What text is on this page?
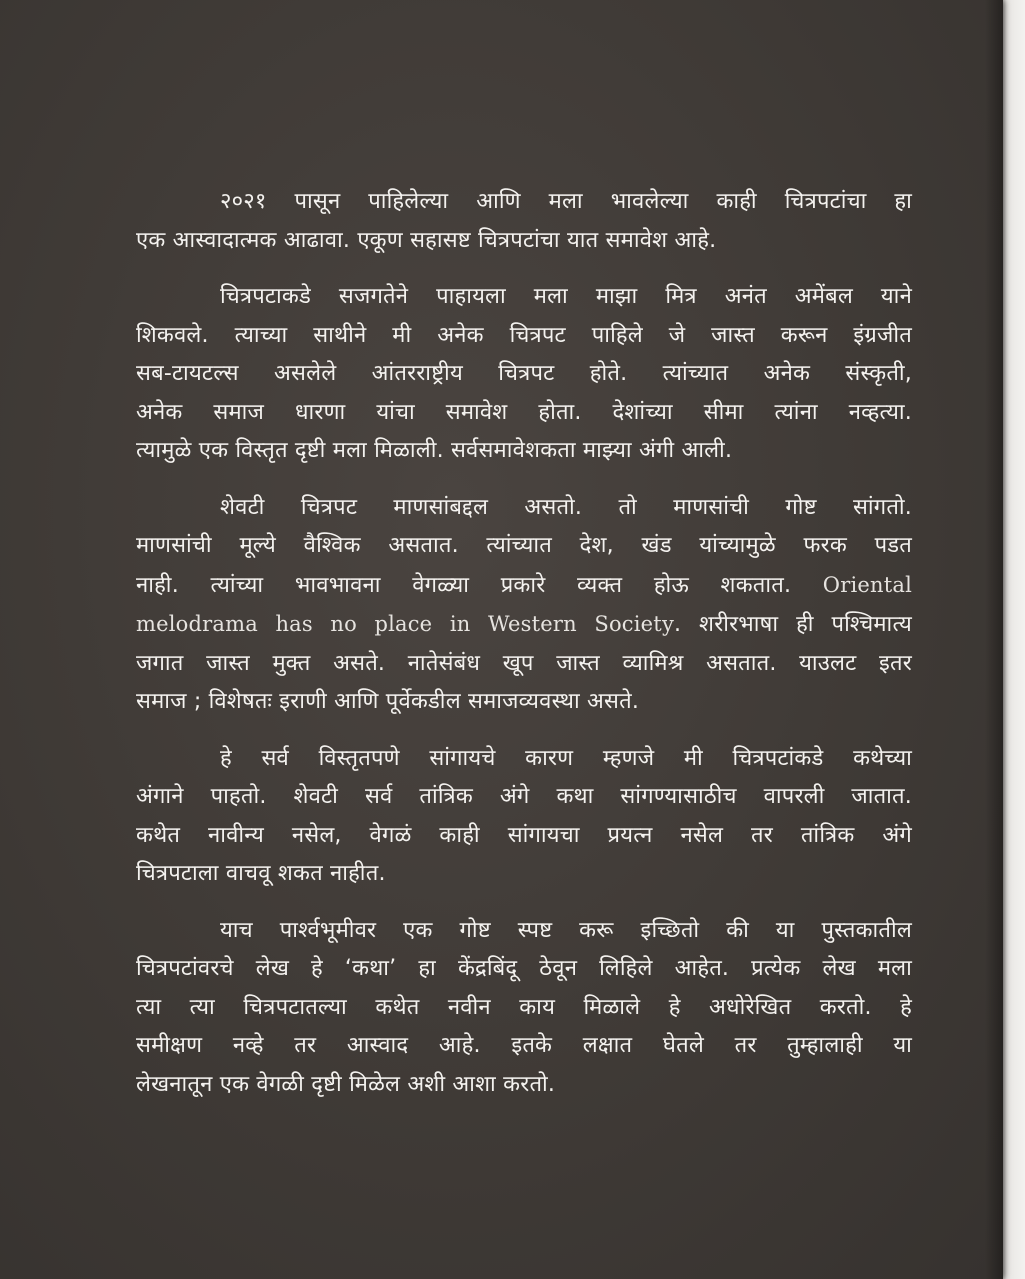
२०२१ पासून पाहिलेल्या आणि मला भावलेल्या काही चित्रपटांचा हा
एक आस्वादात्मक आढावा. एकूण सहासष्ट चित्रपटांचा यात समावेश आहे.

चित्रपटाकडे सजगतेने पाहायला मला माझा मित्र अनंत अमेंबल याने
शिकवले. त्याच्या साथीने मी अनेक चित्रपट पाहिले जे जास्त करून इंग्रजीत
सब-टायटल्स असलेले आंतरराष्ट्रीय चित्रपट होते. त्यांच्यात अनेक संस्कृती,
अनेक समाज धारणा यांचा समावेश होता. देशांच्या सीमा त्यांना नव्हत्या.
त्यामुळे एक विस्तृत दृष्टी मला मिळाली. सर्वसमावेशकता माझ्या अंगी आली.

शेवटी चित्रपट माणसांबद्दल असतो. तो माणसांची गोष्ट सांगतो.
माणसांची मूल्ये वैश्विक असतात. त्यांच्यात देश, खंड यांच्यामुळे फरक पडत
नाही. त्यांच्या भावभावना वेगळ्या प्रकारे व्यक्त होऊ शकतात. Oriental
melodrama has no place in Western Society. शरीरभाषा ही पश्चिमात्य
जगात जास्त मुक्त असते. नातेसंबंध खूप जास्त व्यामिश्र असतात. याउलट इतर
समाज ; विशेषतः इराणी आणि पूर्वेकडील समाजव्यवस्था असते.

हे सर्व विस्तृतपणे सांगायचे कारण म्हणजे मी चित्रपटांकडे कथेच्या
अंगाने पाहतो. शेवटी सर्व तांत्रिक अंगे कथा सांगण्यासाठीच वापरली जातात.
कथेत नावीन्य नसेल, वेगळं काही सांगायचा प्रयत्न नसेल तर तांत्रिक अंगे
चित्रपटाला वाचवू शकत नाहीत.

याच पार्श्वभूमीवर एक गोष्ट स्पष्ट करू इच्छितो की या पुस्तकातील
चित्रपटांवरचे लेख हे ‘कथा’ हा केंद्रबिंदू ठेवून लिहिले आहेत. प्रत्येक लेख मला
त्या त्या चित्रपटातल्या कथेत नवीन काय मिळाले हे अधोरेखित करतो. हे
समीक्षण नव्हे तर आस्वाद आहे. इतके लक्षात घेतले तर तुम्हालाही या
लेखनातून एक वेगळी दृष्टी मिळेल अशी आशा करतो.
